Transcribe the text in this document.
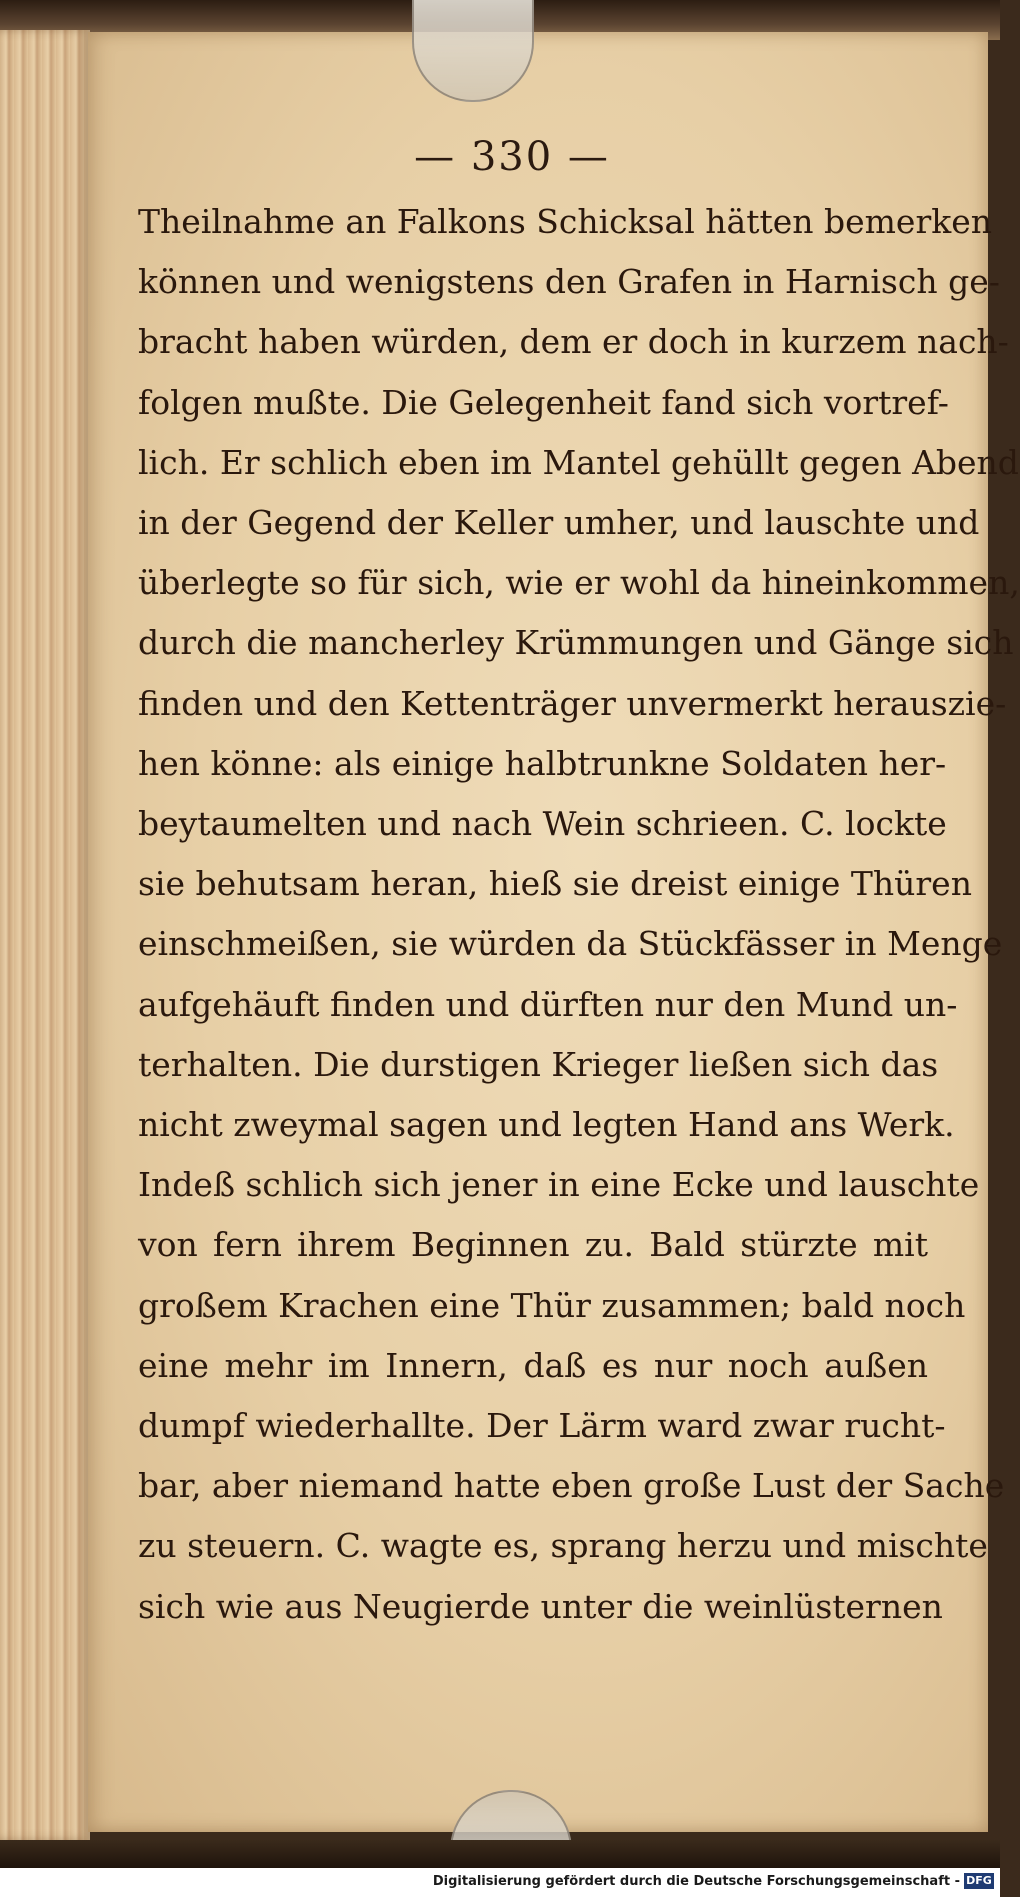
— 330 —
Theilnahme an Falkons Schicksal hätten bemerken
können und wenigstens den Grafen in Harnisch ge-
bracht haben würden, dem er doch in kurzem nach-
folgen mußte. Die Gelegenheit fand sich vortref-
lich. Er schlich eben im Mantel gehüllt gegen Abend
in der Gegend der Keller umher, und lauschte und
überlegte so für sich, wie er wohl da hineinkommen,
durch die mancherley Krümmungen und Gänge sich
finden und den Kettenträger unvermerkt herauszie-
hen könne: als einige halbtrunkne Soldaten her-
beytaumelten und nach Wein schrieen. C. lockte
sie behutsam heran, hieß sie dreist einige Thüren
einschmeißen, sie würden da Stückfässer in Menge
aufgehäuft finden und dürften nur den Mund un-
terhalten. Die durstigen Krieger ließen sich das
nicht zweymal sagen und legten Hand ans Werk.
Indeß schlich sich jener in eine Ecke und lauschte
von fern ihrem Beginnen zu. Bald stürzte mit
großem Krachen eine Thür zusammen; bald noch
eine mehr im Innern, daß es nur noch außen
dumpf wiederhallte. Der Lärm ward zwar rucht-
bar, aber niemand hatte eben große Lust der Sache
zu steuern. C. wagte es, sprang herzu und mischte
sich wie aus Neugierde unter die weinlüsternen
Digitalisierung gefördert durch die Deutsche Forschungsgemeinschaft - DFG
